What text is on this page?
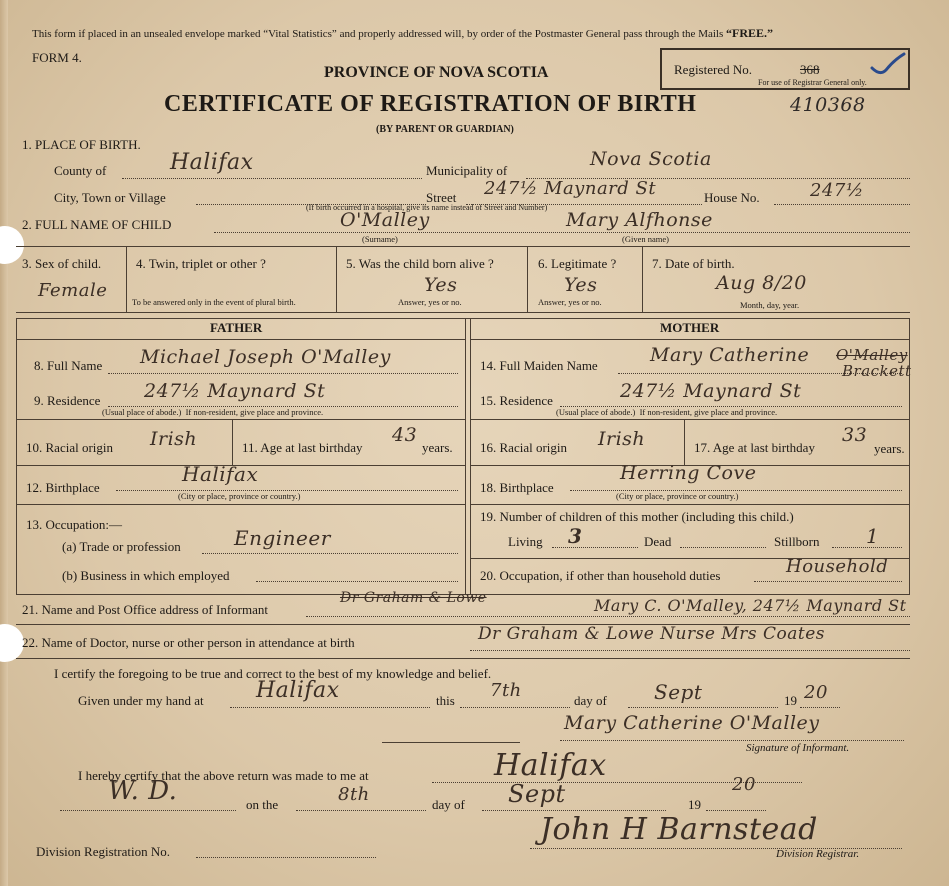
This form if placed in an unsealed envelope marked “Vital Statistics” and properly addressed will, by order of the Postmaster General pass through the Mails “FREE.”
FORM 4.
PROVINCE OF NOVA SCOTIA
CERTIFICATE OF REGISTRATION OF BIRTH
(BY PARENT OR GUARDIAN)
Registered No.	368
For use of Registrar General only.
410368
1. PLACE OF BIRTH.
County of	Halifax	Municipality of
Nova Scotia
City, Town or Village	Street 247½ Maynard St	House No.	247½
(If birth occurred in a hospital, give its name instead of Street and Number)
2. FULL NAME OF CHILD	O'Malley	Mary Alfhonse
(Surname)	(Given name)
3. Sex of child.
Female
4. Twin, triplet or other ?
To be answered only in the event of plural birth.
5. Was the child born alive ?
Yes
Answer, yes or no.
6. Legitimate ?
Yes
Answer, yes or no.
7. Date of birth.
Aug 8/20
Month, day, year.
FATHER	MOTHER
8. Full Name Michael Joseph O'Malley
9. Residence 247½ Maynard St
(Usual place of abode.) If non-resident, give place and province.
10. Racial origin Irish	11. Age at last birthday
43
years.
12. Birthplace
Halifax
(City or place, province or country.)
13. Occupation:—
(a) Trade or profession	Engineer
(b) Business in which employed
14. Full Maiden Name	Mary Catherine O'Malley
Brackett
15. Residence	247½ Maynard St
(Usual place of abode.) If non-resident, give place and province.
16. Racial origin Irish	17. Age at last birthday
33
years.
18. Birthplace
Herring Cove
(City or place, province or country.)
19. Number of children of this mother (including this child.)
Living 3	Dead	Stillborn 1
20. Occupation, if other than household duties	Household
21. Name and Post Office address of Informant
Dr Graham & Lowe	Mary C. O'Malley, 247½ Maynard St
22. Name of Doctor, nurse or other person in attendance at birth	Dr Graham & Lowe Nurse Mrs Coates
I certify the foregoing to be true and correct to the best of my knowledge and belief.
Given under my hand at Halifax	this 7th	day of Sept	19 20
Mary Catherine O'Malley
Signature of Informant.
I hereby certify that the above return was made to me at	Halifax
W. D.	on the	8th	day of Sept	19
20
John H Barnstead
Division Registrar.
Division Registration No.
